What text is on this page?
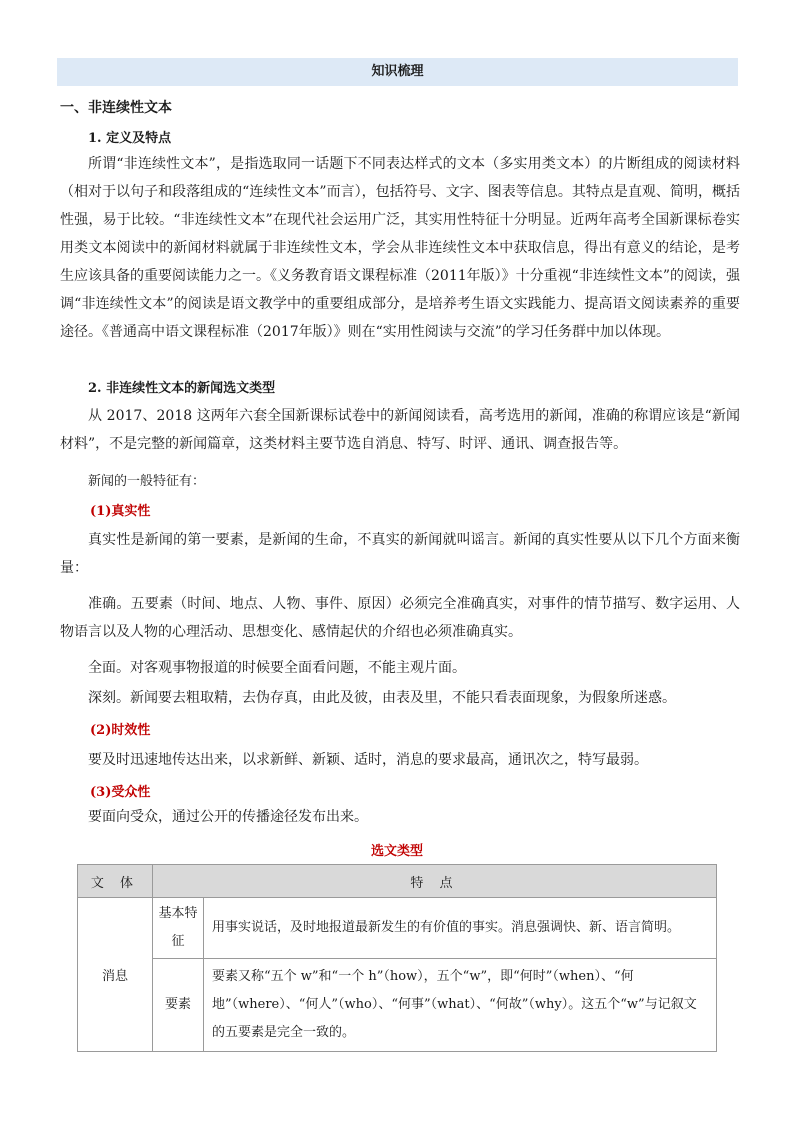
知识梳理
一、非连续性文本
1. 定义及特点
所谓“非连续性文本”，是指选取同一话题下不同表达样式的文本（多实用类文本）的片断组成的阅读材料（相对于以句子和段落组成的“连续性文本”而言），包括符号、文字、图表等信息。其特点是直观、简明，概括性强，易于比较。“非连续性文本”在现代社会运用广泛，其实用性特征十分明显。近两年高考全国新课标卷实用类文本阅读中的新闻材料就属于非连续性文本，学会从非连续性文本中获取信息，得出有意义的结论，是考生应该具备的重要阅读能力之一。《义务教育语文课程标准（2011年版）》十分重视“非连续性文本”的阅读，强调“非连续性文本”的阅读是语文教学中的重要组成部分，是培养考生语文实践能力、提高语文阅读素养的重要途径。《普通高中语文课程标准（2017年版）》则在“实用性阅读与交流”的学习任务群中加以体现。
2. 非连续性文本的新闻选文类型
从 2017、2018 这两年六套全国新课标试卷中的新闻阅读看，高考选用的新闻，准确的称谓应该是“新闻材料”，不是完整的新闻篇章，这类材料主要节选自消息、特写、时评、通讯、调查报告等。
新闻的一般特征有：
(1)真实性
真实性是新闻的第一要素，是新闻的生命，不真实的新闻就叫谣言。新闻的真实性要从以下几个方面来衡量：
准确。五要素（时间、地点、人物、事件、原因）必须完全准确真实，对事件的情节描写、数字运用、人物语言以及人物的心理活动、思想变化、感情起伏的介绍也必须准确真实。
全面。对客观事物报道的时候要全面看问题，不能主观片面。
深刻。新闻要去粗取精，去伪存真，由此及彼，由表及里，不能只看表面现象，为假象所迷惑。
(2)时效性
要及时迅速地传达出来，以求新鲜、新颖、适时，消息的要求最高，通讯次之，特写最弱。
(3)受众性
要面向受众，通过公开的传播途径发布出来。
选文类型
文 体	特 点	
消息	基本特征	用事实说话，及时地报道最新发生的有价值的事实。消息强调快、新、语言简明。
	要素	要素又称“五个 w”和“一个 h”（how），五个“w”，即“何时”（when）、“何地”（where）、“何人”（who）、“何事”（what）、“何故”（why）。这五个“w”与记叙文的五要素是完全一致的。
